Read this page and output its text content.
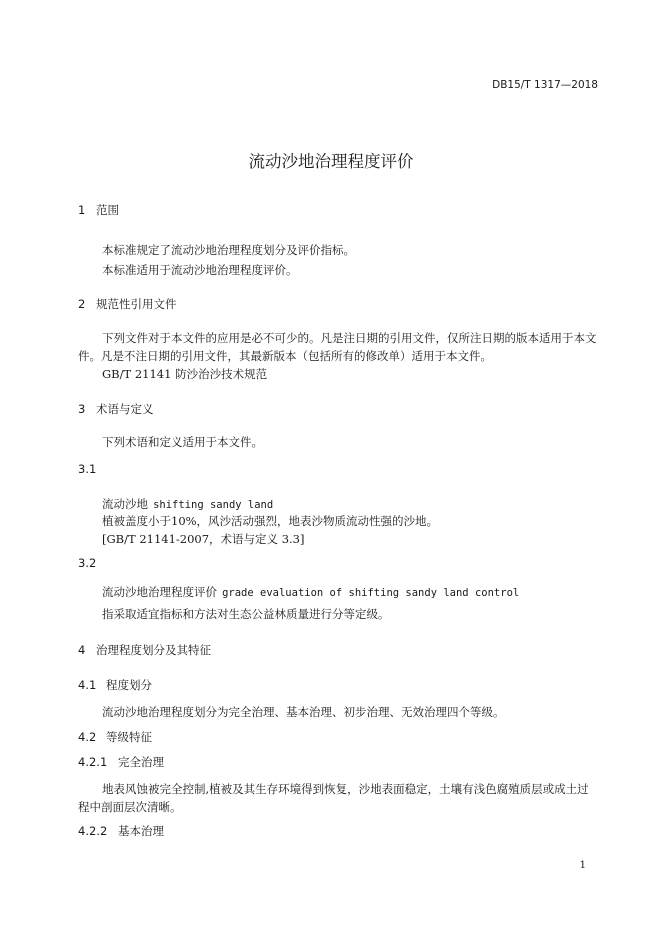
DB15/T 1317—2018
流动沙地治理程度评价
1 范围
本标准规定了流动沙地治理程度划分及评价指标。
本标准适用于流动沙地治理程度评价。
2 规范性引用文件
下列文件对于本文件的应用是必不可少的。凡是注日期的引用文件，仅所注日期的版本适用于本文
件。凡是不注日期的引用文件，其最新版本（包括所有的修改单）适用于本文件。
GB/T 21141 防沙治沙技术规范
3 术语与定义
下列术语和定义适用于本文件。
3.1
流动沙地 shifting sandy land
植被盖度小于10%，风沙活动强烈，地表沙物质流动性强的沙地。
[GB/T 21141-2007，术语与定义 3.3]
3.2
流动沙地治理程度评价 grade evaluation of shifting sandy land control
指采取适宜指标和方法对生态公益林质量进行分等定级。
4 治理程度划分及其特征
4.1 程度划分
流动沙地治理程度划分为完全治理、基本治理、初步治理、无效治理四个等级。
4.2 等级特征
4.2.1 完全治理
地表风蚀被完全控制,植被及其生存环境得到恢复，沙地表面稳定，土壤有浅色腐殖质层或成土过
程中剖面层次清晰。
4.2.2 基本治理
1
